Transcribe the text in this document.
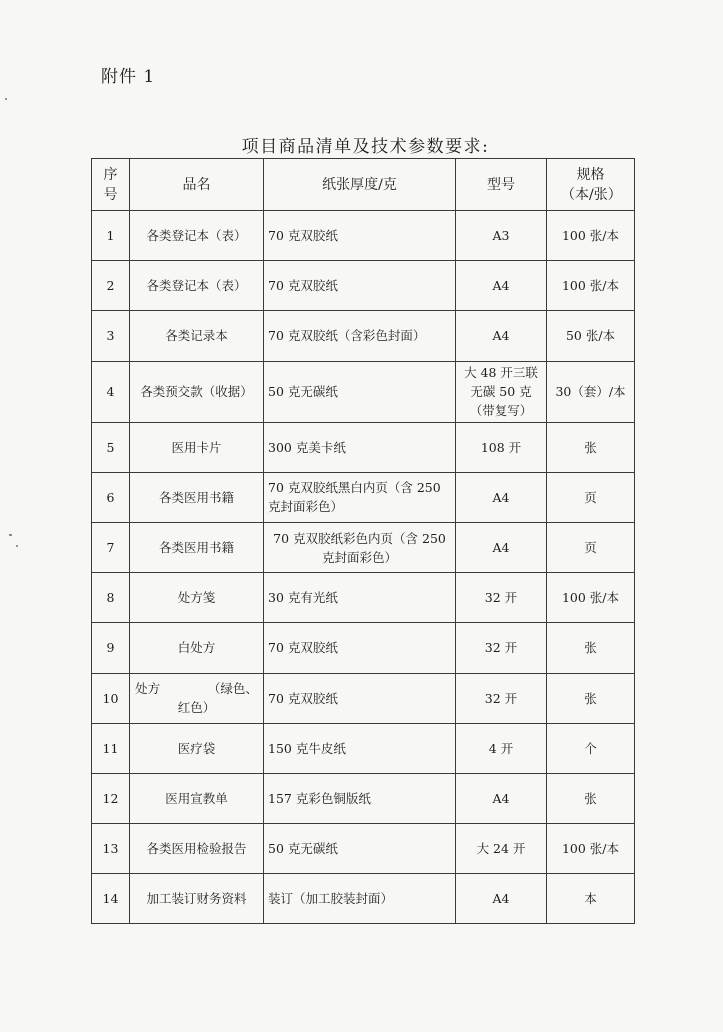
附件 1
项目商品清单及技术参数要求:
序号	品名	纸张厚度/克	型号	规格（本/张）
1	各类登记本（表）	70 克双胶纸	A3	100 张/本
2	各类登记本（表）	70 克双胶纸	A4	100 张/本
3	各类记录本	70 克双胶纸（含彩色封面）	A4	50 张/本
4	各类预交款（收据）	50 克无碳纸	大 48 开三联无碳 50 克（带复写）	30（套）/本
5	医用卡片	300 克美卡纸	108 开	张
6	各类医用书籍	70 克双胶纸黑白内页（含 250 克封面彩色）	A4	页
7	各类医用书籍	70 克双胶纸彩色内页（含 250 克封面彩色）	A4	页
8	处方笺	30 克有光纸	32 开	100 张/本
9	白处方	70 克双胶纸	32 开	张
10	处方            （绿色、红色）	70 克双胶纸	32 开	张
11	医疗袋	150 克牛皮纸	4 开	个
12	医用宣教单	157 克彩色铜版纸	A4	张
13	各类医用检验报告	50 克无碳纸	大 24 开	100 张/本
14	加工装订财务资料	装订（加工胶装封面）	A4	本
